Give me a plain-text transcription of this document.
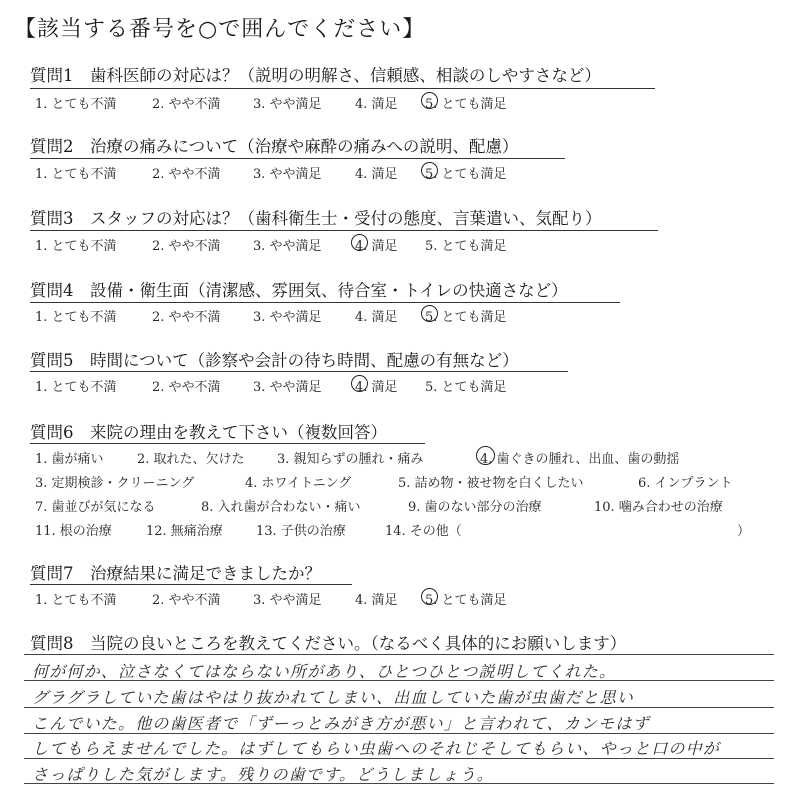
【該当する番号を○で囲んでください】
質問1　歯科医師の対応は？（説明の明解さ、信頼感、相談のしやすさなど）
1. とても不満	2. やや不満 3. やや満足	4. 満足 5. とても満足
質問2　治療の痛みについて（治療や麻酔の痛みへの説明、配慮）
1. とても不満	2. やや不満 3. やや満足	4. 満足 5. とても満足
質問3　スタッフの対応は？（歯科衛生士・受付の態度、言葉遣い、気配り）
1. とても不満	2. やや不満 3. やや満足	4. 満足 5. とても満足
質問4　設備・衛生面（清潔感、雰囲気、待合室・トイレの快適さなど）
1. とても不満	2. やや不満 3. やや満足	4. 満足 5. とても満足
質問5　時間について（診察や会計の待ち時間、配慮の有無など）
1. とても不満	2. やや不満 3. やや満足	4. 満足 5. とても満足
質問6　来院の理由を教えて下さい（複数回答）
1. 歯が痛い	2. 取れた、欠けた 3. 親知らずの腫れ・痛み	4. 歯ぐきの腫れ、出血、歯の動揺
3. 定期検診・クリーニング	4. ホワイトニング	5. 詰め物・被せ物を白くしたい	6. インプラント
7. 歯並びが気になる	8. 入れ歯が合わない・痛い	9. 歯のない部分の治療	10. 噛み合わせの治療
11. 根の治療	12. 無痛治療	13. 子供の治療	14. その他（	）
質問7　治療結果に満足できましたか？
1. とても不満	2. やや不満 3. やや満足	4. 満足 5. とても満足
質問8　当院の良いところを教えてください。（なるべく具体的にお願いします）
何が何か、泣さなくてはならない所があり、ひとつひとつ説明してくれた。
グラグラしていた歯はやはり抜かれてしまい、出血していた歯が虫歯だと思い
こんでいた。他の歯医者で「ずーっとみがき方が悪い」と言われて、カンモはず
してもらえませんでした。はずしてもらい虫歯へのそれじそしてもらい、やっと口の中が
さっぱりした気がします。残りの歯です。どうしましょう。
